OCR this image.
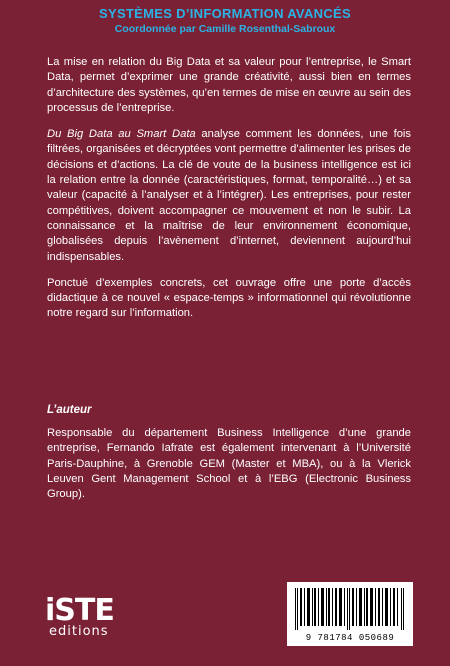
SYSTÈMES D’INFORMATION AVANCÉS
Coordonnée par Camille Rosenthal-Sabroux

La mise en relation du Big Data et sa valeur pour l’entreprise, le Smart Data, permet d’exprimer une grande créativité, aussi bien en termes d’architecture des systèmes, qu’en termes de mise en œuvre au sein des processus de l’entreprise.

Du Big Data au Smart Data analyse comment les données, une fois filtrées, organisées et décryptées vont permettre d’alimenter les prises de décisions et d’actions. La clé de voute de la business intelligence est ici la relation entre la donnée (caractéristiques, format, temporalité…) et sa valeur (capacité à l’analyser et à l’intégrer). Les entreprises, pour rester compétitives, doivent accompagner ce mouvement et non le subir. La connaissance et la maîtrise de leur environnement économique, globalisées depuis l’avènement d’internet, deviennent aujourd’hui indispensables.

Ponctué d’exemples concrets, cet ouvrage offre une porte d’accès didactique à ce nouvel « espace-temps » informationnel qui révolutionne notre regard sur l’information.

L’auteur
Responsable du département Business Intelligence d’une grande entreprise, Fernando Iafrate est également intervenant à l’Université Paris-Dauphine, à Grenoble GEM (Master et MBA), ou à la Vlerick Leuven Gent Management School et à l’EBG (Electronic Business Group).
iSTE
editions	9 781784 050689
